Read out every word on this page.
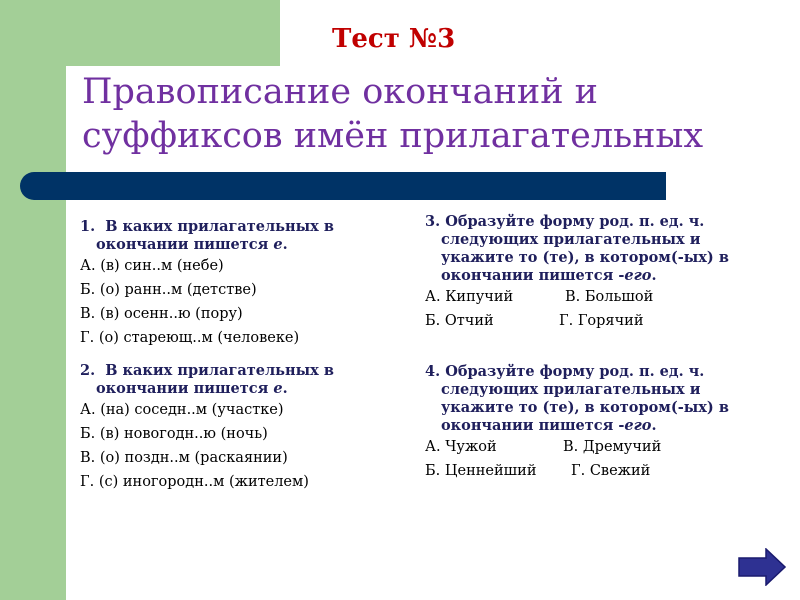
Тест №3
Правописание окончаний и
суффиксов имён прилагательных

1. В каких прилагательных в окончании пишется е.

А. (в) син..м (небе)

Б. (о) ранн..м (детстве)

В. (в) осенн..ю (пору)

Г. (о) стареющ..м (человеке)

2. В каких прилагательных в окончании пишется е.

А. (на) соседн..м (участке)

Б. (в) новогодн..ю (ночь)

В. (о) поздн..м (раскаянии)

Г. (с) иногородн..м (жителем)

3. Образуйте форму род. п. ед. ч. следующих прилагательных и укажите то (те), в котором(-ых) в окончании пишется -его.

А. Кипучий	В. Большой
Б. Отчий	Г. Горячий

4. Образуйте форму род. п. ед. ч. следующих прилагательных и укажите то (те), в котором(-ых) в окончании пишется -его.

А. Чужой	В. Дремучий
Б. Ценнейший	Г. Свежий
